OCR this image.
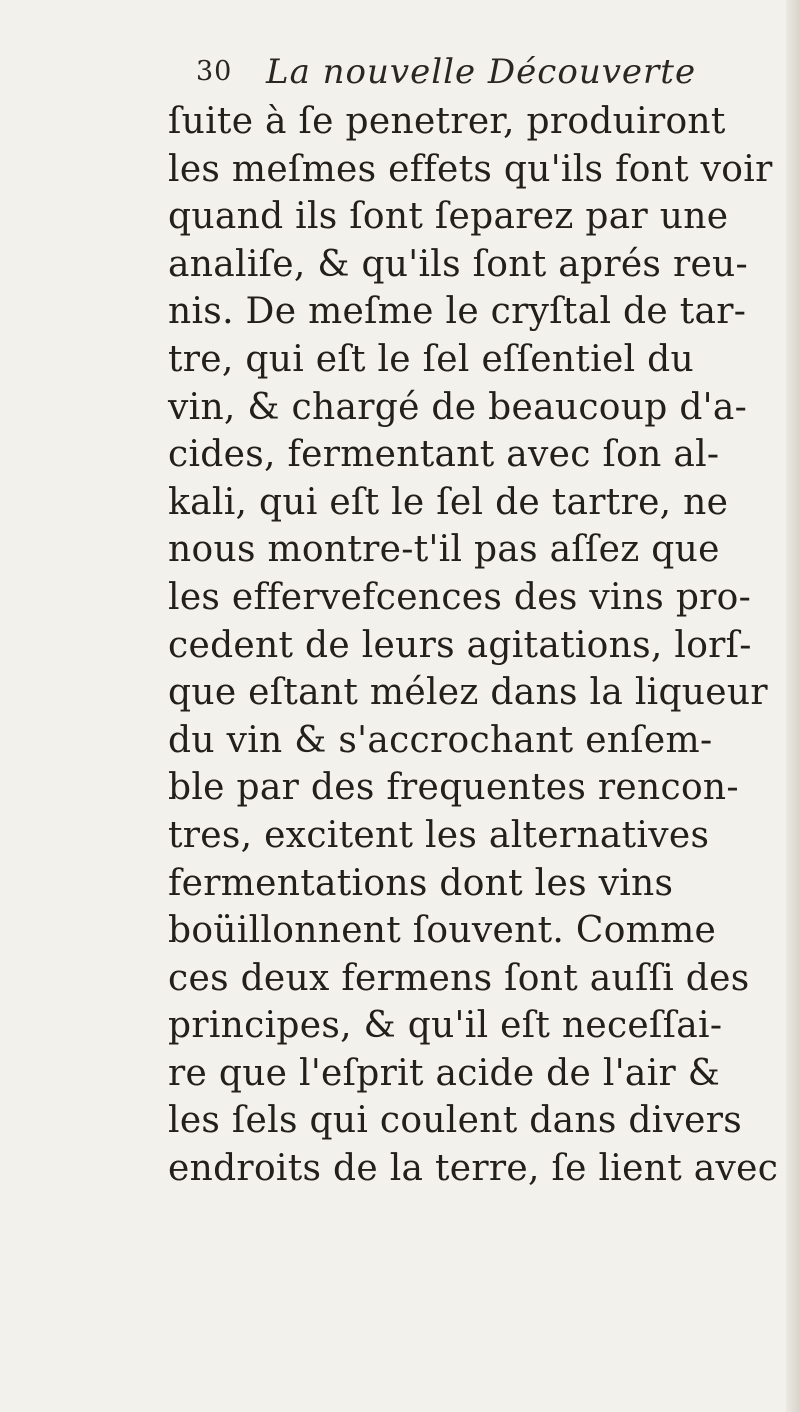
30 La nouvelle Découverte
ſuite à ſe penetrer, produiront
les meſmes effets qu'ils font voir
quand ils ſont ſeparez par une
analiſe, & qu'ils ſont aprés reu-
nis. De meſme le cryſtal de tar-
tre, qui eſt le ſel eſſentiel du
vin, & chargé de beaucoup d'a-
cides, fermentant avec ſon al-
kali, qui eſt le ſel de tartre, ne
nous montre-t'il pas aſſez que
les effervefcences des vins pro-
cedent de leurs agitations, lorſ-
que eſtant mélez dans la liqueur
du vin & s'accrochant enſem-
ble par des frequentes rencon-
tres, excitent les alternatives
fermentations dont les vins
boüillonnent ſouvent. Comme
ces deux fermens ſont auſſi des
principes, & qu'il eſt neceſſai-
re que l'eſprit acide de l'air &
les ſels qui coulent dans divers
endroits de la terre, ſe lient avec
